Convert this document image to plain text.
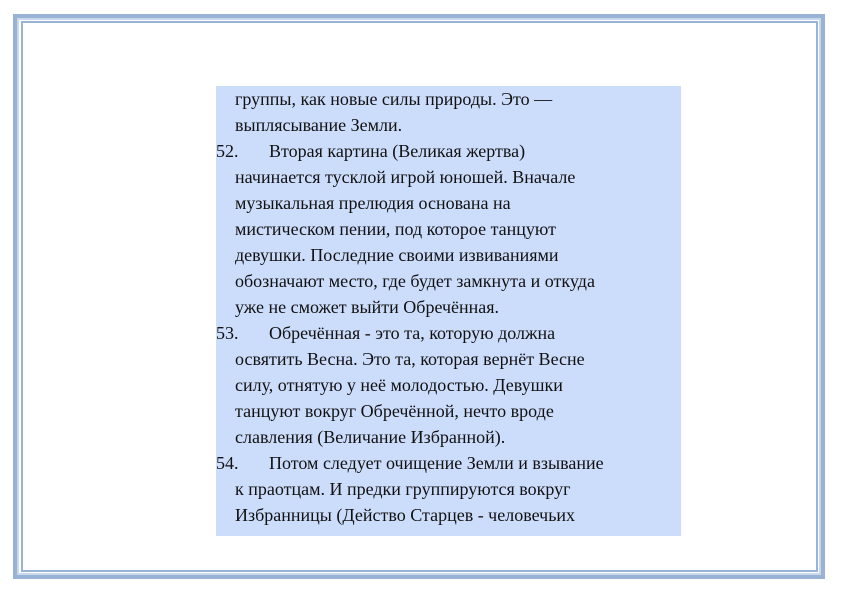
группы, как новые силы природы. Это —
выплясывание Земли.
52.	Вторая картина (Великая жертва)
начинается тусклой игрой юношей. Вначале
музыкальная прелюдия основана на
мистическом пении, под которое танцуют
девушки. Последние своими извиваниями
обозначают место, где будет замкнута и откуда
уже не сможет выйти Обречённая.
53.	Обречённая - это та, которую должна
освятить Весна. Это та, которая вернёт Весне
силу, отнятую у неё молодостью. Девушки
танцуют вокруг Обречённой, нечто вроде
славления (Величание Избранной).
54.	Потом следует очищение Земли и взывание
к праотцам. И предки группируются вокруг
Избранницы (Действо Старцев - человечьих
